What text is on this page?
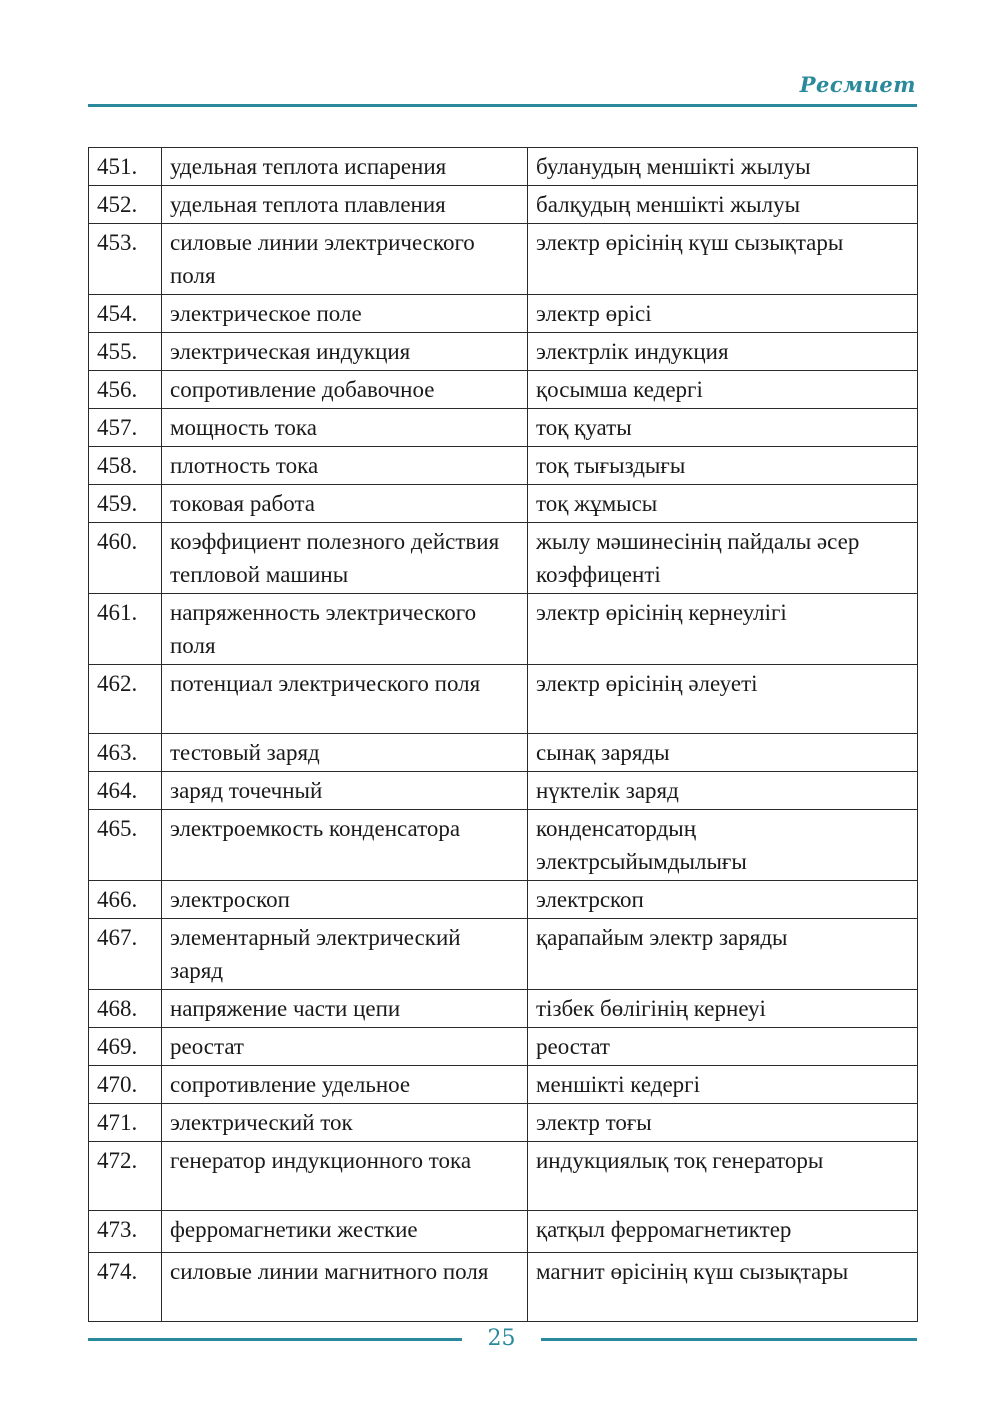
Ресмиет
451.	удельная теплота испарения	буланудың меншікті жылуы
452.	удельная теплота плавления	балқудың меншікті жылуы
453.	силовые линии электрического поля	электр өрісінің күш сызықтары
454.	электрическое поле	электр өрісі
455.	электрическая индукция	электрлік индукция
456.	сопротивление добавочное	қосымша кедергі
457.	мощность тока	тоқ қуаты
458.	плотность тока	тоқ тығыздығы
459.	токовая работа	тоқ жұмысы
460.	коэффициент полезного действия тепловой машины	жылу мәшинесінің пайдалы әсер коэффиценті
461.	напряженность электрического поля	электр өрісінің кернеулігі
462.	потенциал электрического поля	электр өрісінің әлеуеті
463.	тестовый заряд	сынақ заряды
464.	заряд точечный	нүктелік заряд
465.	электроемкость конденсатора	конденсатордың электрсыйымдылығы
466.	электроскоп	электрскоп
467.	элементарный электрический заряд	қарапайым электр заряды
468.	напряжение части цепи	тізбек бөлігінің кернеуі
469.	реостат	реостат
470.	сопротивление удельное	меншікті кедергі
471.	электрический ток	электр тоғы
472.	генератор индукционного тока	индукциялық тоқ генераторы
473.	ферромагнетики жесткие	қатқыл ферромагнетиктер
474.	силовые линии магнитного поля	магнит өрісінің күш сызықтары
25
